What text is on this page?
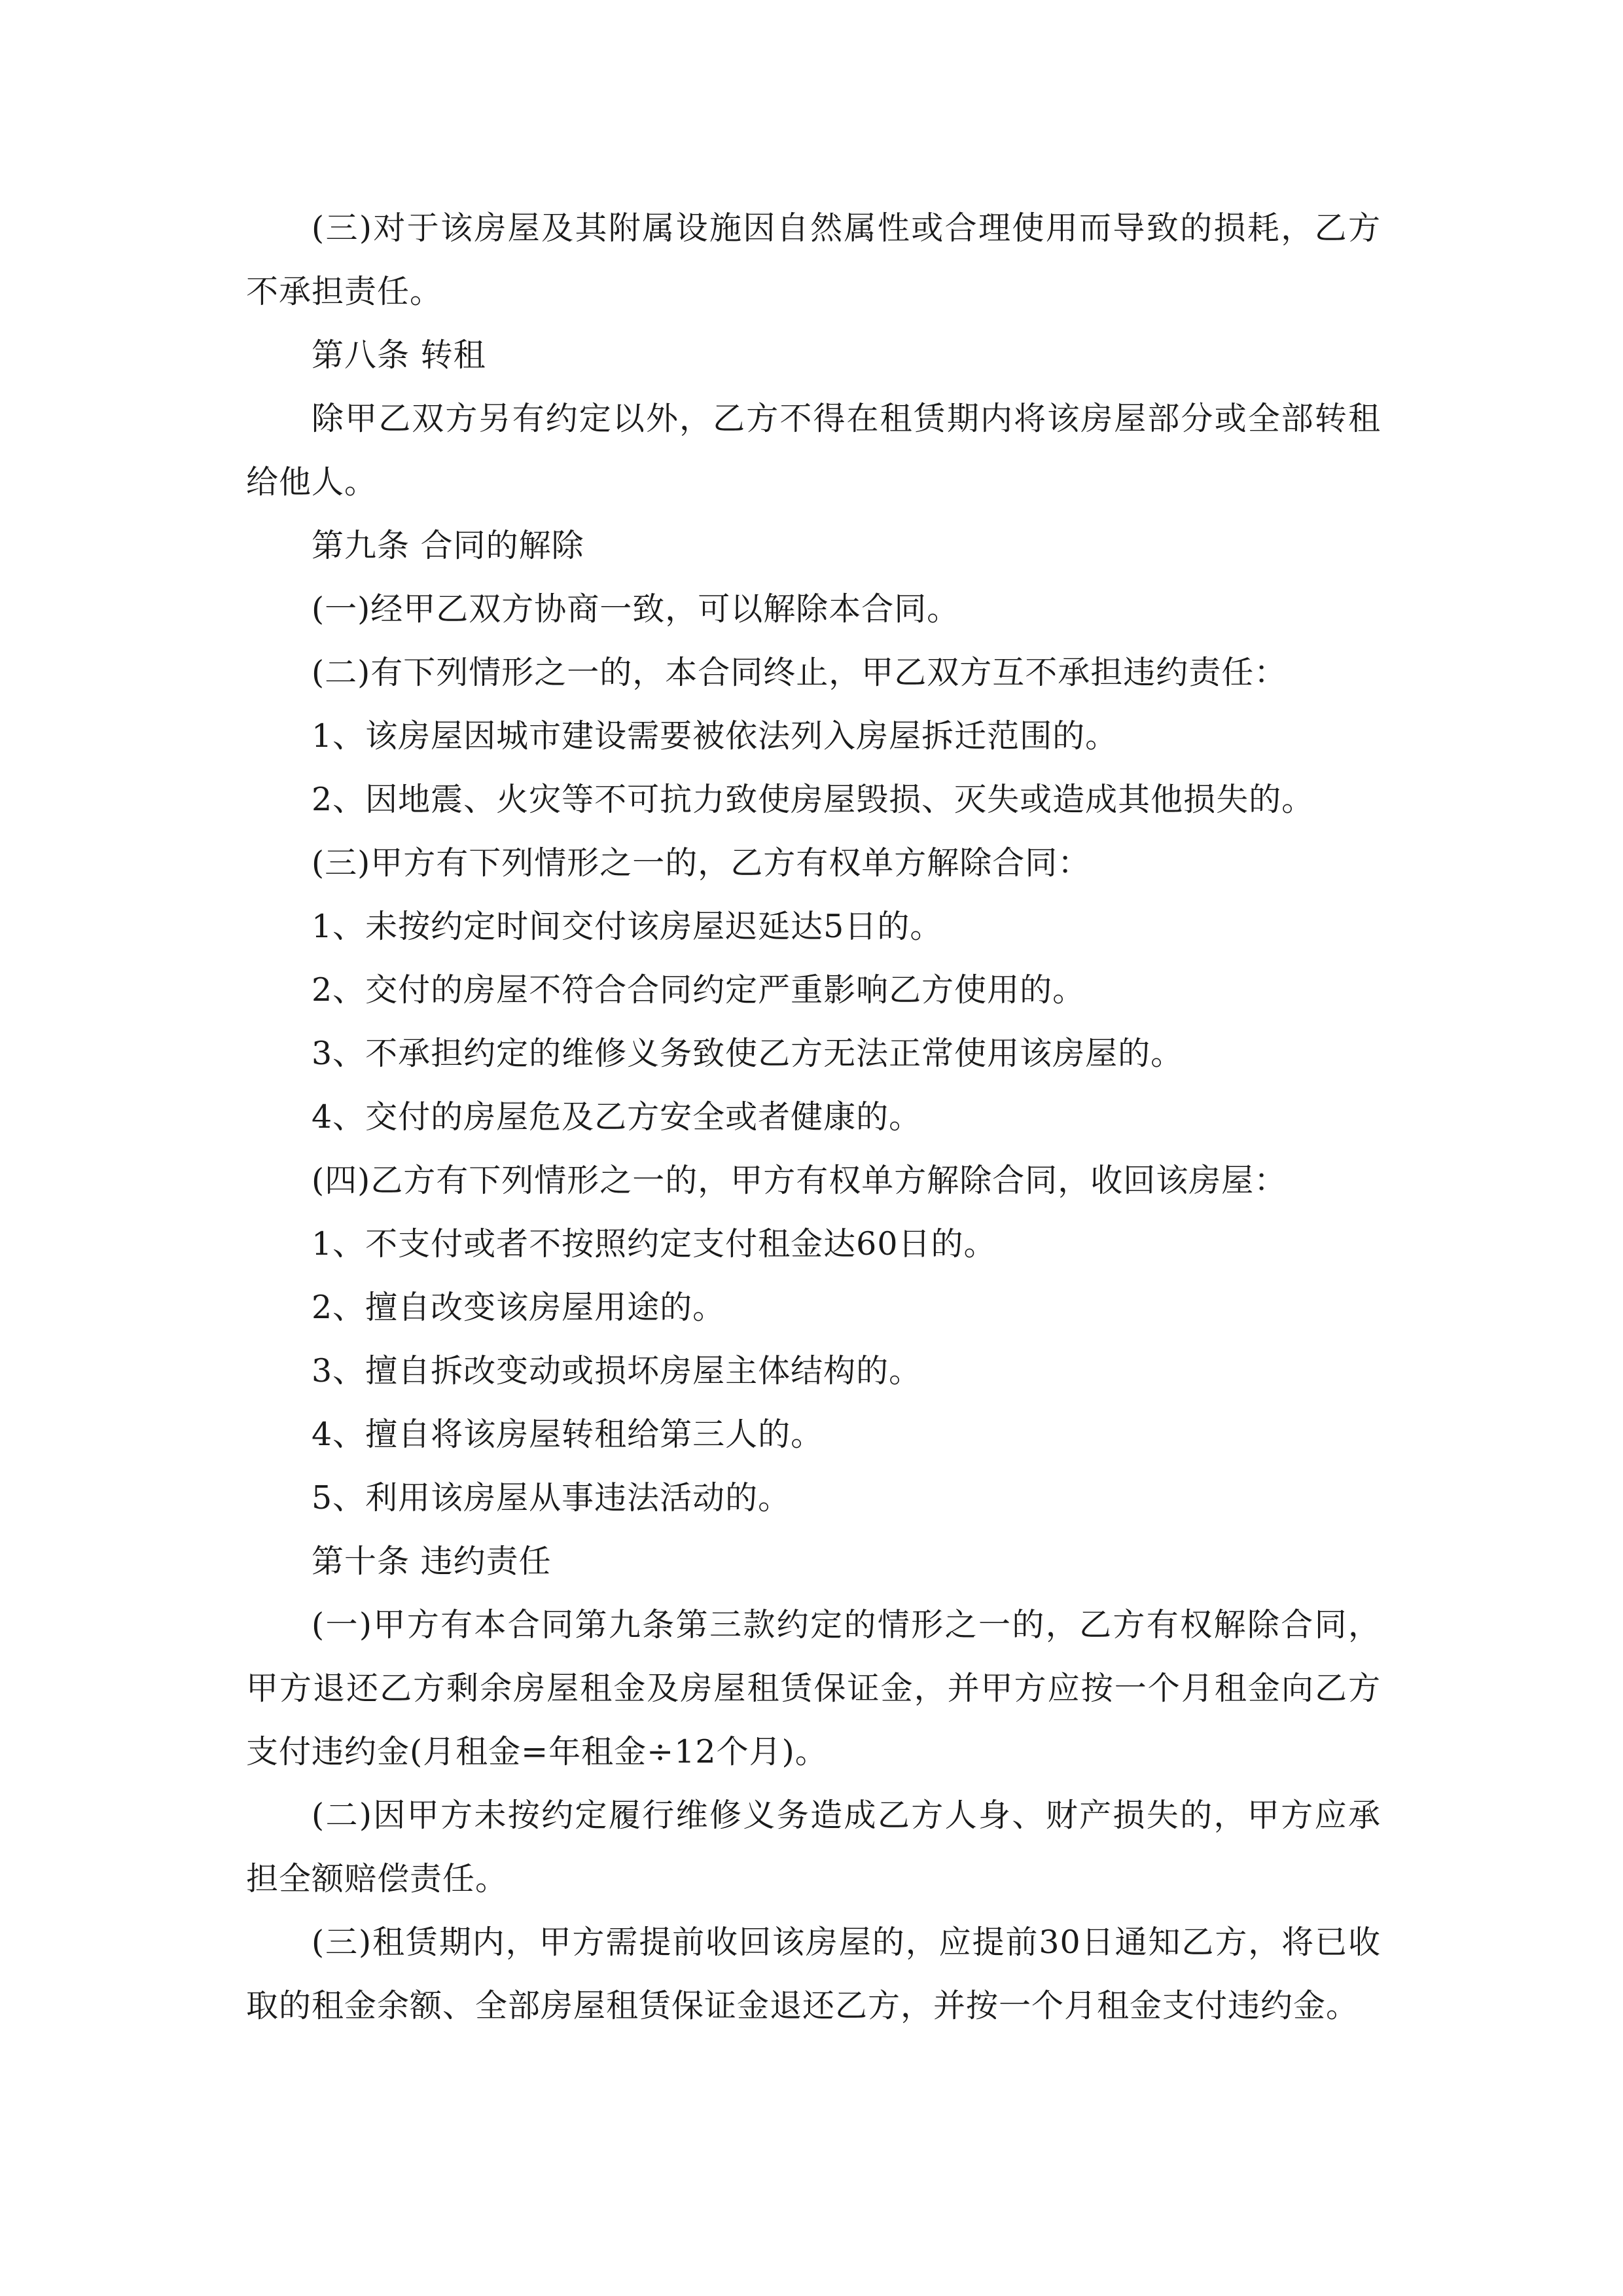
(三)对于该房屋及其附属设施因自然属性或合理使用而导致的损耗，乙方不承担责任。

第八条 转租

除甲乙双方另有约定以外，乙方不得在租赁期内将该房屋部分或全部转租给他人。

第九条 合同的解除

(一)经甲乙双方协商一致，可以解除本合同。

(二)有下列情形之一的，本合同终止，甲乙双方互不承担违约责任：

1、该房屋因城市建设需要被依法列入房屋拆迁范围的。

2、因地震、火灾等不可抗力致使房屋毁损、灭失或造成其他损失的。

(三)甲方有下列情形之一的，乙方有权单方解除合同：

1、未按约定时间交付该房屋迟延达5日的。

2、交付的房屋不符合合同约定严重影响乙方使用的。

3、不承担约定的维修义务致使乙方无法正常使用该房屋的。

4、交付的房屋危及乙方安全或者健康的。

(四)乙方有下列情形之一的，甲方有权单方解除合同，收回该房屋：

1、不支付或者不按照约定支付租金达60日的。

2、擅自改变该房屋用途的。

3、擅自拆改变动或损坏房屋主体结构的。

4、擅自将该房屋转租给第三人的。

5、利用该房屋从事违法活动的。

第十条 违约责任

(一)甲方有本合同第九条第三款约定的情形之一的，乙方有权解除合同，甲方退还乙方剩余房屋租金及房屋租赁保证金，并甲方应按一个月租金向乙方支付违约金(月租金=年租金÷12个月)。

(二)因甲方未按约定履行维修义务造成乙方人身、财产损失的，甲方应承担全额赔偿责任。

(三)租赁期内，甲方需提前收回该房屋的，应提前30日通知乙方，将已收取的租金余额、全部房屋租赁保证金退还乙方，并按一个月租金支付违约金。
